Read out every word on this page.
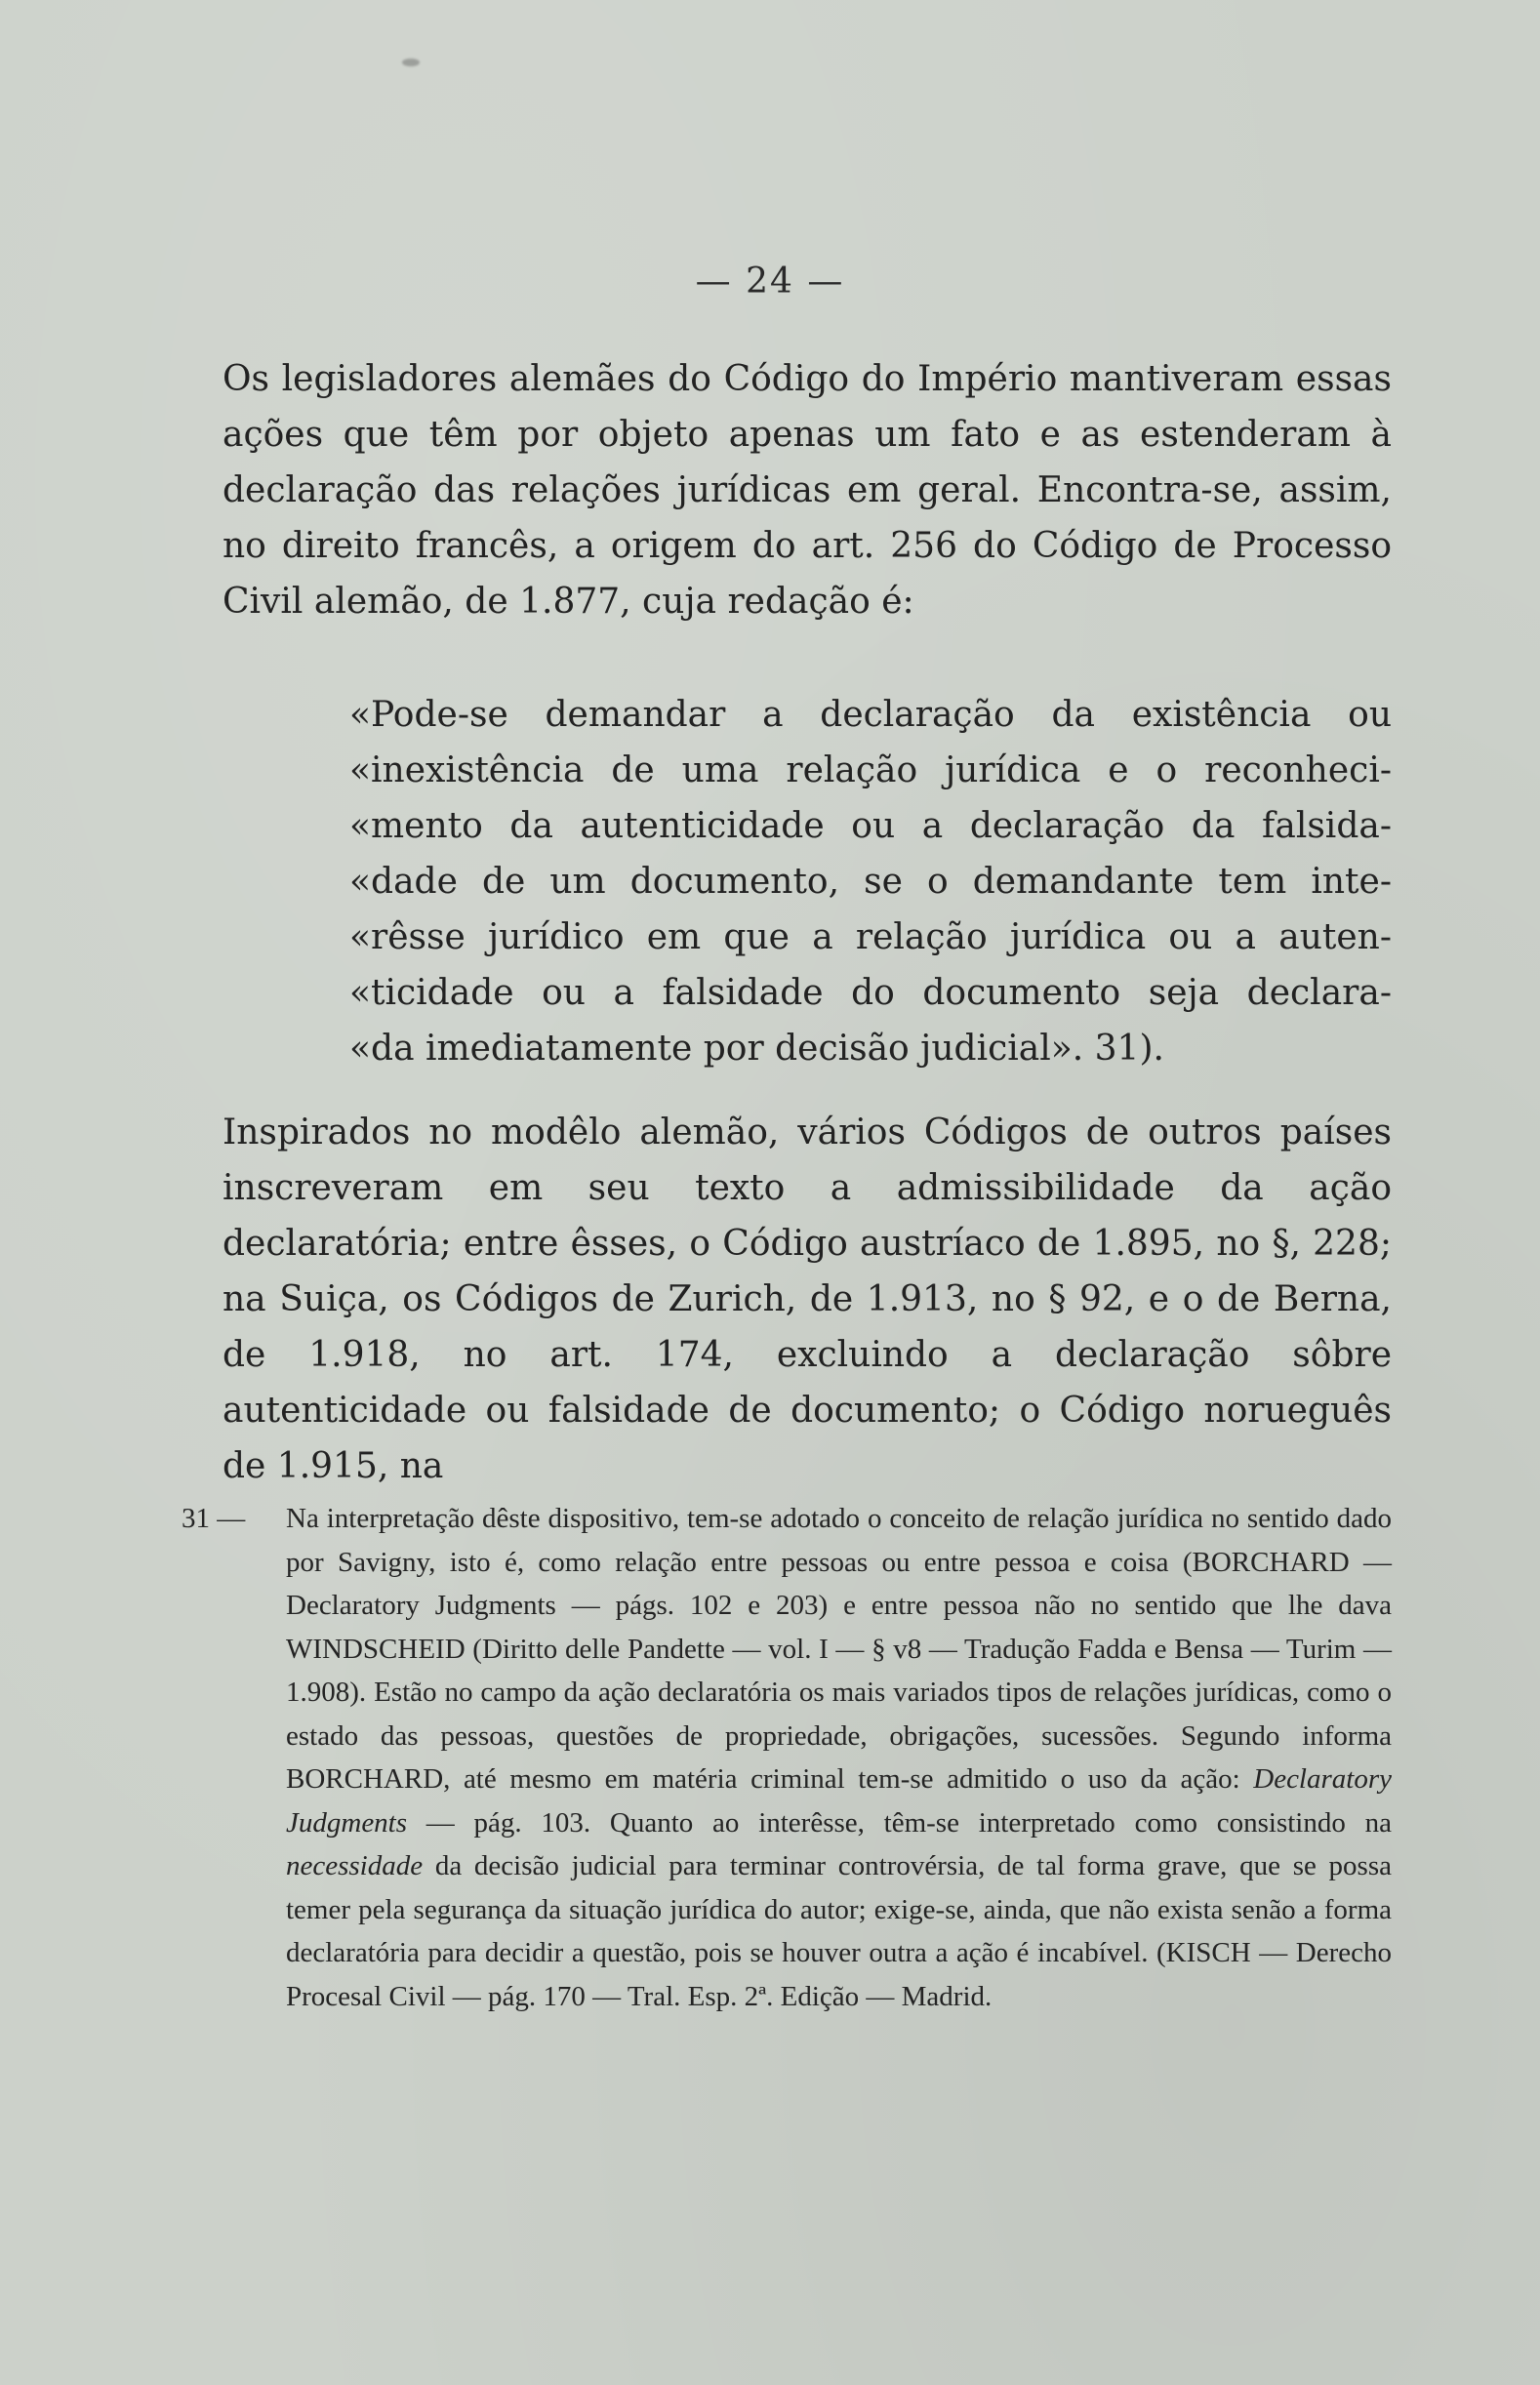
— 24 —

Os legisladores alemães do Código do Império mantiveram essas ações que têm por objeto apenas um fato e as estenderam à declaração das relações jurídicas em geral. Encontra-se, assim, no direito francês, a origem do art. 256 do Código de Processo Civil alemão, de 1.877, cuja redação é:

«Pode-se demandar a declaração da existência ou
«inexistência de uma relação jurídica e o reconheci-
«mento da autenticidade ou a declaração da falsida-
«dade de um documento, se o demandante tem inte-
«rêsse jurídico em que a relação jurídica ou a auten-
«ticidade ou a falsidade do documento seja declara-
«da imediatamente por decisão judicial». 31).

Inspirados no modêlo alemão, vários Códigos de outros países inscreveram em seu texto a admissibilidade da ação declaratória; entre êsses, o Código austríaco de 1.895, no §, 228; na Suiça, os Códigos de Zurich, de 1.913, no § 92, e o de Berna, de 1.918, no art. 174, excluindo a declaração sôbre autenticidade ou falsidade de documento; o Código norueguês de 1.915, na

31 — Na interpretação dêste dispositivo, tem-se adotado o conceito de relação jurídica no sentido dado por Savigny, isto é, como relação entre pessoas ou entre pessoa e coisa (BORCHARD — Declaratory Judgments — págs. 102 e 203) e entre pessoa não no sentido que lhe dava WINDSCHEID (Diritto delle Pandette — vol. I — § v8 — Tradução Fadda e Bensa — Turim — 1.908). Estão no campo da ação declaratória os mais variados tipos de relações jurídicas, como o estado das pessoas, questões de propriedade, obrigações, sucessões. Segundo informa BORCHARD, até mesmo em matéria criminal tem-se admitido o uso da ação: Declaratory Judgments — pág. 103. Quanto ao interêsse, têm-se interpretado como consistindo na necessidade da decisão judicial para terminar controvérsia, de tal forma grave, que se possa temer pela segurança da situação jurídica do autor; exige-se, ainda, que não exista senão a forma declaratória para decidir a questão, pois se houver outra a ação é incabível. (KISCH — Derecho Procesal Civil — pág. 170 — Tral. Esp. 2ª. Edição — Madrid.
